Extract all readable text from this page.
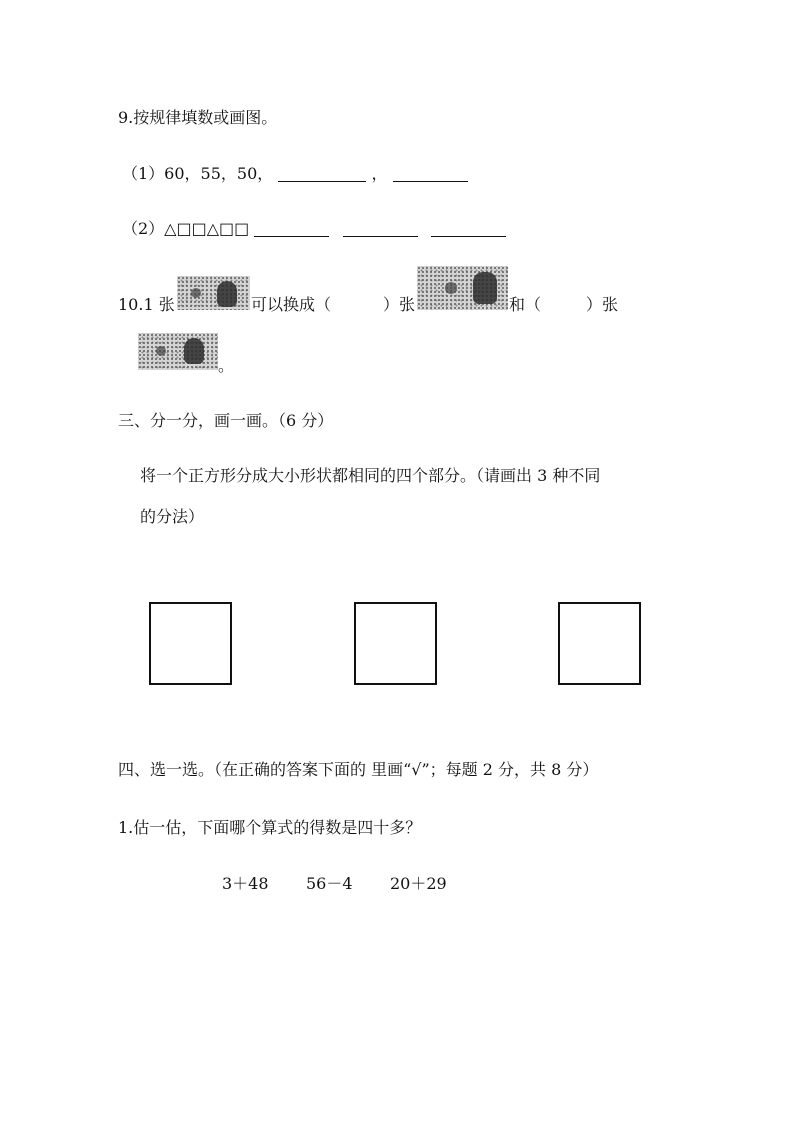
9.按规律填数或画图。
（1）60，55，50，	，
（2）△□□△□□
10.1 张	可以换成（	）张	和（	）张
。
三、分一分，画一画。（6 分）
将一个正方形分成大小形状都相同的四个部分。（请画出 3 种不同
的分法）
四、选一选。（在正确的答案下面的 里画“√”；每题 2 分，共 8 分）
1.估一估，下面哪个算式的得数是四十多？
3＋48 56－4 20＋29
